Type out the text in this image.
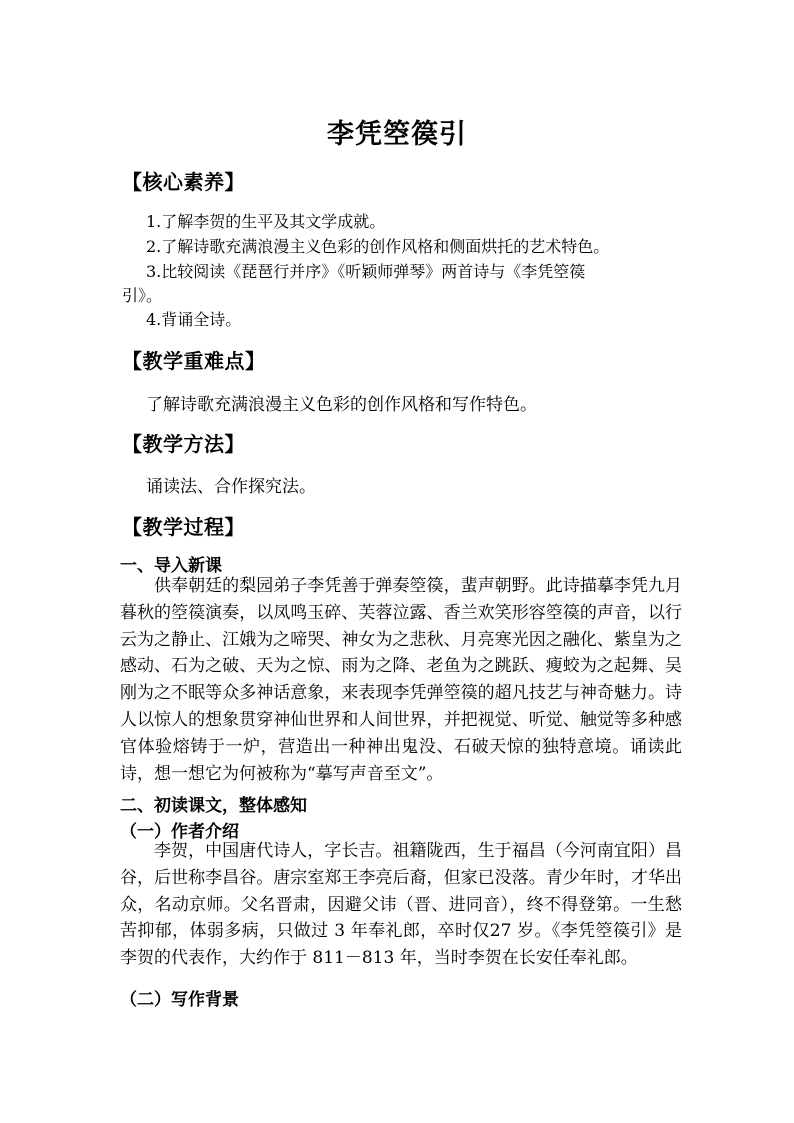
李凭箜篌引
【核心素养】
1.了解李贺的生平及其文学成就。
2.了解诗歌充满浪漫主义色彩的创作风格和侧面烘托的艺术特色。
3.比较阅读《琵琶行并序》《听颖师弹琴》两首诗与《李凭箜篌
引》。
4.背诵全诗。
【教学重难点】
了解诗歌充满浪漫主义色彩的创作风格和写作特色。
【教学方法】
诵读法、合作探究法。
【教学过程】
一、导入新课
供奉朝廷的梨园弟子李凭善于弹奏箜篌，蜚声朝野。此诗描摹李凭九月暮秋的箜篌演奏，以凤鸣玉碎、芙蓉泣露、香兰欢笑形容箜篌的声音，以行云为之静止、江娥为之啼哭、神女为之悲秋、月亮寒光因之融化、紫皇为之感动、石为之破、天为之惊、雨为之降、老鱼为之跳跃、瘦蛟为之起舞、吴刚为之不眠等众多神话意象，来表现李凭弹箜篌的超凡技艺与神奇魅力。诗人以惊人的想象贯穿神仙世界和人间世界，并把视觉、听觉、触觉等多种感官体验熔铸于一炉，营造出一种神出鬼没、石破天惊的独特意境。诵读此诗，想一想它为何被称为“摹写声音至文”。
二、初读课文，整体感知
（一）作者介绍
李贺，中国唐代诗人，字长吉。祖籍陇西，生于福昌（今河南宜阳）昌谷，后世称李昌谷。唐宗室郑王李亮后裔，但家已没落。青少年时，才华出众，名动京师。父名晋肃，因避父讳（晋、进同音），终不得登第。一生愁苦抑郁，体弱多病，只做过 3 年奉礼郎，卒时仅27 岁。《李凭箜篌引》是李贺的代表作，大约作于 811－813 年，当时李贺在长安任奉礼郎。
（二）写作背景
